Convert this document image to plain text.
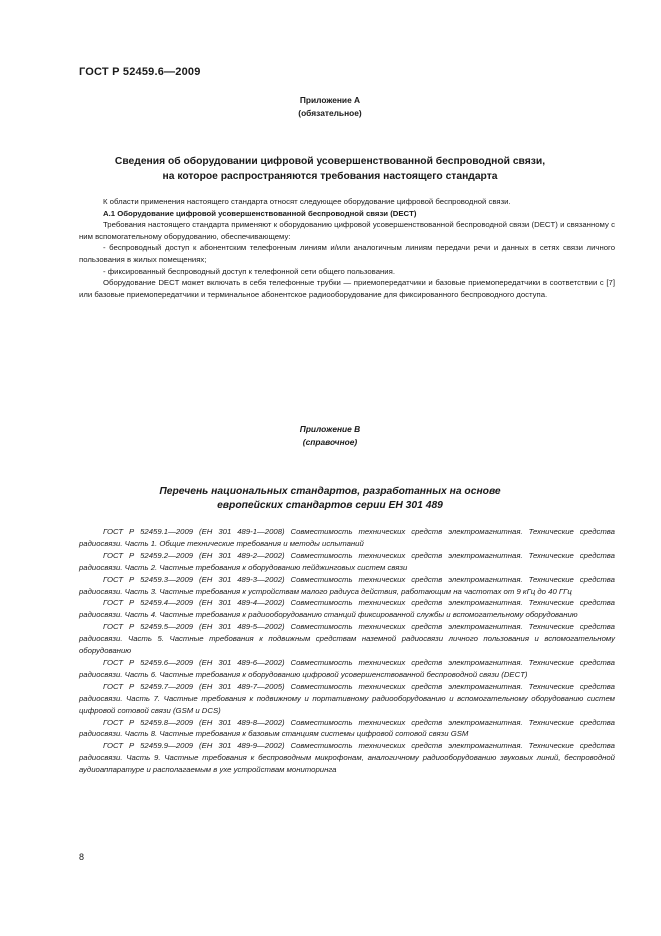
ГОСТ Р 52459.6—2009
Приложение А
(обязательное)
Сведения об оборудовании цифровой усовершенствованной беспроводной связи,
на которое распространяются требования настоящего стандарта

К области применения настоящего стандарта относят следующее оборудование цифровой беспроводной связи.

А.1 Оборудование цифровой усовершенствованной беспроводной связи (DECT)

Требования настоящего стандарта применяют к оборудованию цифровой усовершенствованной беспроводной связи (DECT) и связанному с ним вспомогательному оборудованию, обеспечивающему:

- беспроводный доступ к абонентским телефонным линиям и/или аналогичным линиям передачи речи и данных в сетях связи личного пользования в жилых помещениях;

- фиксированный беспроводный доступ к телефонной сети общего пользования.

Оборудование DECT может включать в себя телефонные трубки — приемопередатчики и базовые приемопередатчики в соответствии с [7] или базовые приемопередатчики и терминальное абонентское радиооборудование для фиксированного беспроводного доступа.

Приложение В
(справочное)
Перечень национальных стандартов, разработанных на основе
европейских стандартов серии ЕН 301 489

ГОСТ Р 52459.1—2009 (ЕН 301 489-1—2008) Совместимость технических средств электромагнитная. Технические средства радиосвязи. Часть 1. Общие технические требования и методы испытаний

ГОСТ Р 52459.2—2009 (ЕН 301 489-2—2002) Совместимость технических средств электромагнитная. Технические средства радиосвязи. Часть 2. Частные требования к оборудованию пейджинговых систем связи

ГОСТ Р 52459.3—2009 (ЕН 301 489-3—2002) Совместимость технических средств электромагнитная. Технические средства радиосвязи. Часть 3. Частные требования к устройствам малого радиуса действия, работающим на частотах от 9 кГц до 40 ГГц

ГОСТ Р 52459.4—2009 (ЕН 301 489-4—2002) Совместимость технических средств электромагнитная. Технические средства радиосвязи. Часть 4. Частные требования к радиооборудованию станций фиксированной службы и вспомогательному оборудованию

ГОСТ Р 52459.5—2009 (ЕН 301 489-5—2002) Совместимость технических средств электромагнитная. Технические средства радиосвязи. Часть 5. Частные требования к подвижным средствам наземной радиосвязи личного пользования и вспомогательному оборудованию

ГОСТ Р 52459.6—2009 (ЕН 301 489-6—2002) Совместимость технических средств электромагнитная. Технические средства радиосвязи. Часть 6. Частные требования к оборудованию цифровой усовершенствованной беспроводной связи (DECT)

ГОСТ Р 52459.7—2009 (ЕН 301 489-7—2005) Совместимость технических средств электромагнитная. Технические средства радиосвязи. Часть 7. Частные требования к подвижному и портативному радиооборудованию и вспомогательному оборудованию систем цифровой сотовой связи (GSM и DCS)

ГОСТ Р 52459.8—2009 (ЕН 301 489-8—2002) Совместимость технических средств электромагнитная. Технические средства радиосвязи. Часть 8. Частные требования к базовым станциям системы цифровой сотовой связи GSM

ГОСТ Р 52459.9—2009 (ЕН 301 489-9—2002) Совместимость технических средств электромагнитная. Технические средства радиосвязи. Часть 9. Частные требования к беспроводным микрофонам, аналогичному радиооборудованию звуковых линий, беспроводной аудиоаппаратуре и располагаемым в ухе устройствам мониторинга

8
